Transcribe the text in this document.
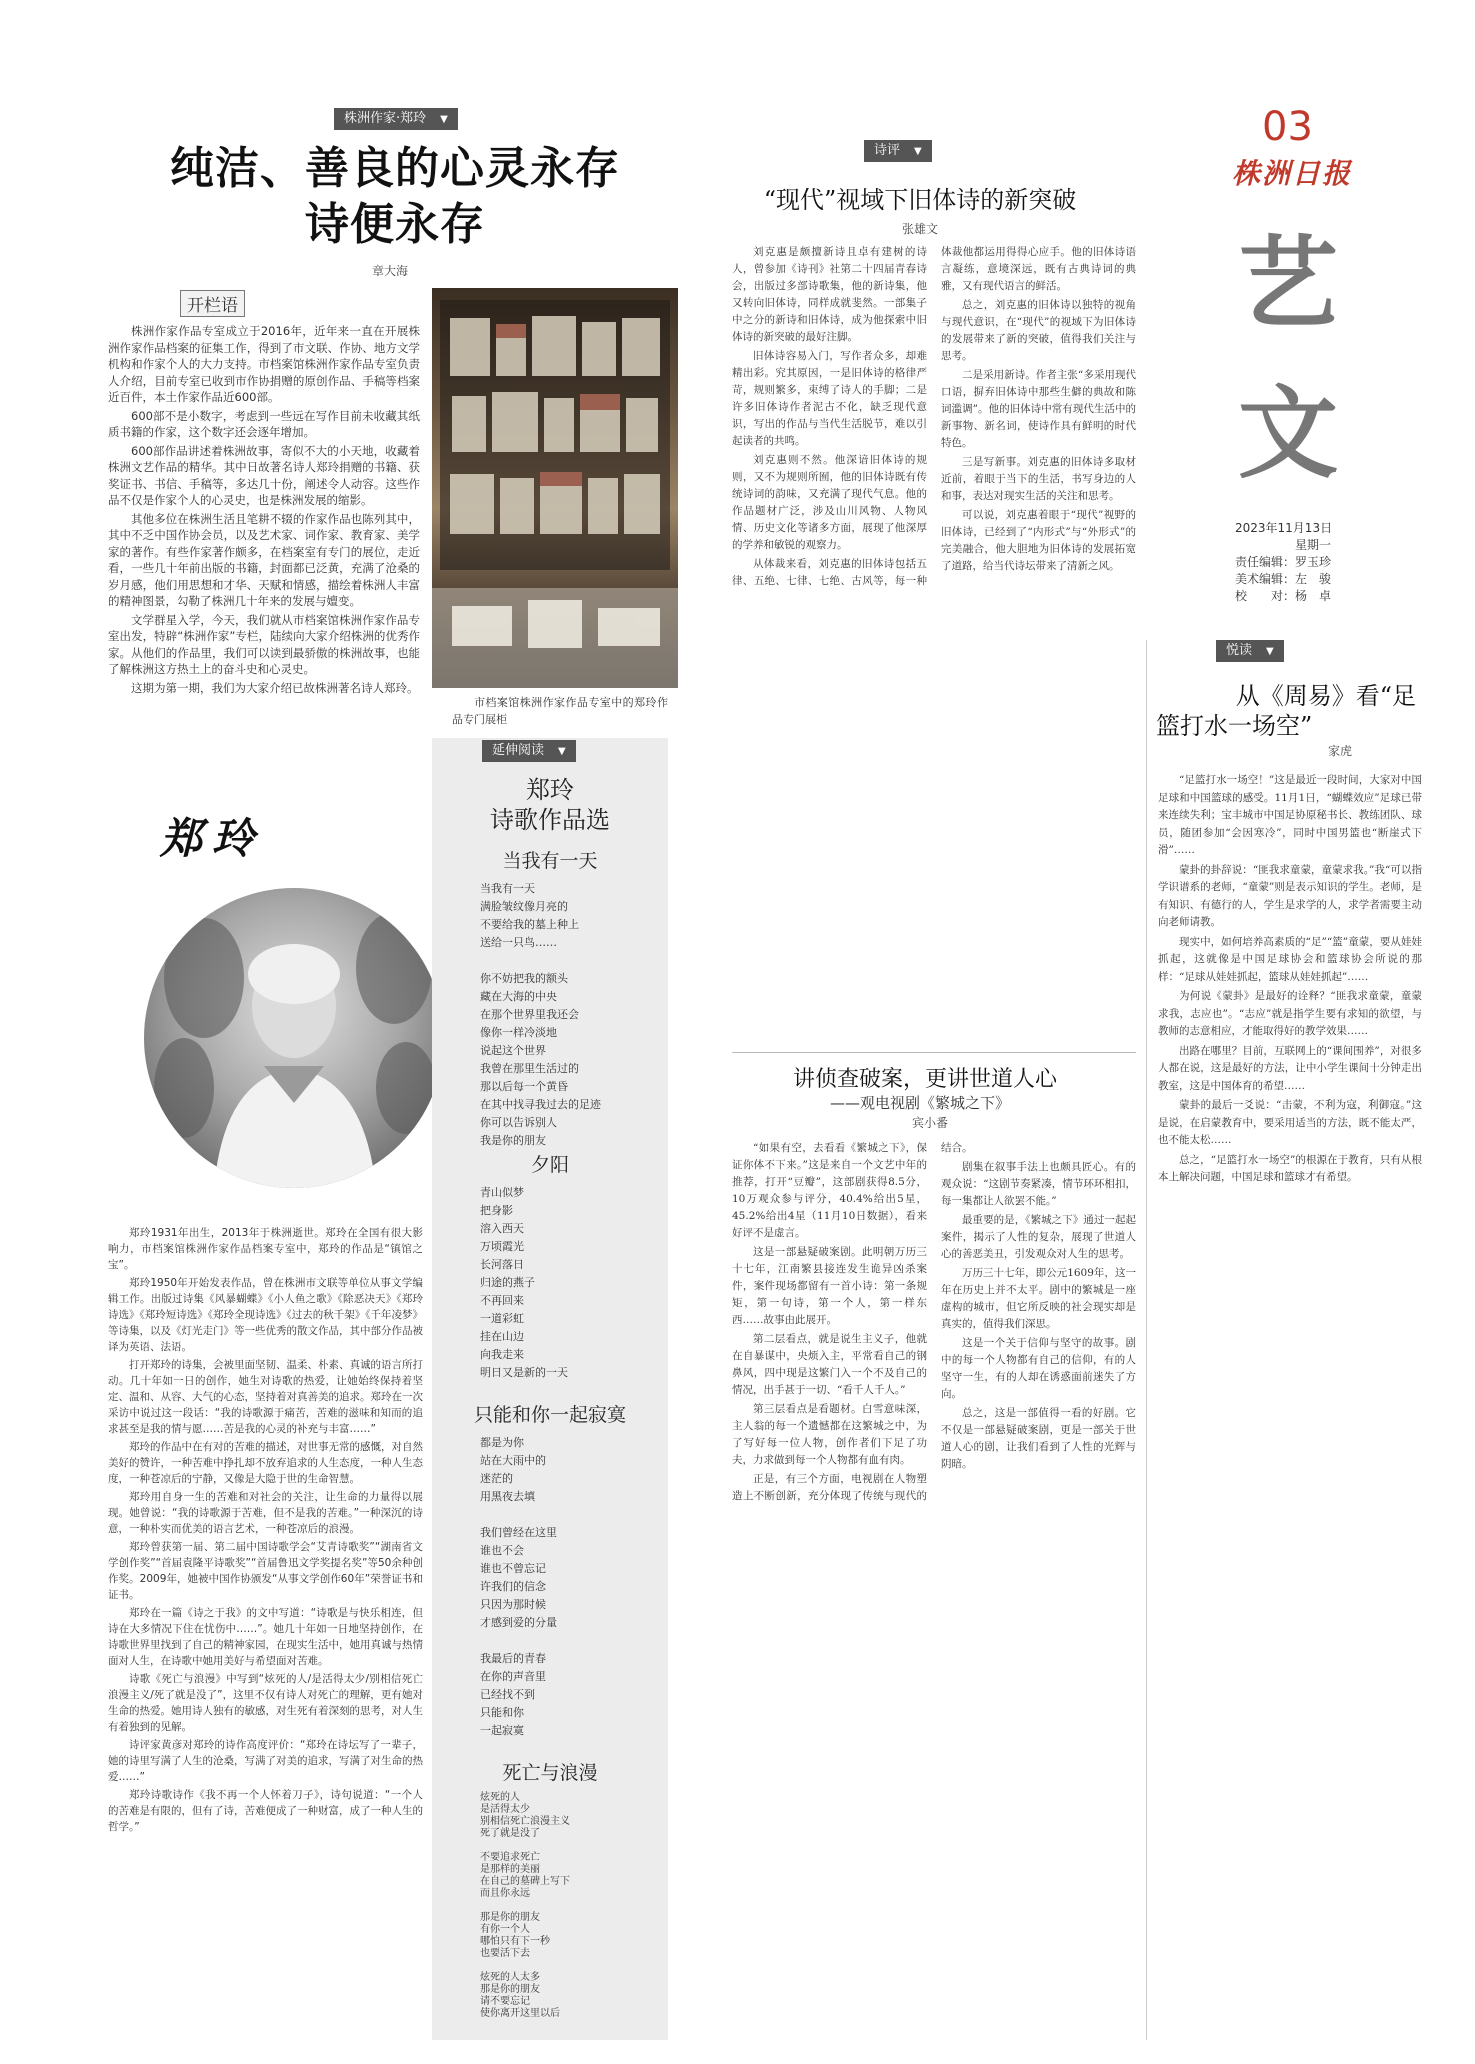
03
株洲日报
艺文
2023年11月13日
星期一
责任编辑：罗玉珍
美术编辑：左　骏
校　　对：杨　卓
株洲作家·郑玲 ▼
纯洁、善良的心灵永存
诗便永存
章大海
开栏语

株洲作家作品专室成立于2016年，近年来一直在开展株洲作家作品档案的征集工作，得到了市文联、作协、地方文学机构和作家个人的大力支持。市档案馆株洲作家作品专室负责人介绍，目前专室已收到市作协捐赠的原创作品、手稿等档案近百件，本土作家作品近600部。

600部不是小数字，考虑到一些远在写作目前未收藏其纸质书籍的作家，这个数字还会逐年增加。

600部作品讲述着株洲故事，寄似不大的小天地，收藏着株洲文艺作品的精华。其中日故著名诗人郑玲捐赠的书籍、获奖证书、书信、手稿等，多达几十份，阐述令人动容。这些作品不仅是作家个人的心灵史，也是株洲发展的缩影。

其他多位在株洲生活且笔耕不辍的作家作品也陈列其中，其中不乏中国作协会员，以及艺术家、词作家、教育家、美学家的著作。有些作家著作颇多，在档案室有专门的展位，走近看，一些几十年前出版的书籍，封面都已泛黄，充满了沧桑的岁月感，他们用思想和才华、天赋和情感，描绘着株洲人丰富的精神图景，勾勒了株洲几十年来的发展与嬗变。

文学群星入学，今天，我们就从市档案馆株洲作家作品专室出发，特辟“株洲作家”专栏，陆续向大家介绍株洲的优秀作家。从他们的作品里，我们可以读到最骄傲的株洲故事，也能了解株洲这方热土上的奋斗史和心灵史。

这期为第一期，我们为大家介绍已故株洲著名诗人郑玲。

市档案馆株洲作家作品专室中的郑玲作品专门展柜
郑玲

郑玲1931年出生，2013年于株洲逝世。郑玲在全国有很大影响力，市档案馆株洲作家作品档案专室中，郑玲的作品是“镇馆之宝”。

郑玲1950年开始发表作品，曾在株洲市文联等单位从事文学编辑工作。出版过诗集《风暴蝴蝶》《小人鱼之歌》《除恶决天》《郑玲诗选》《郑玲短诗选》《郑玲全现诗选》《过去的秋千架》《千年凌梦》等诗集，以及《灯光走门》等一些优秀的散文作品，其中部分作品被译为英语、法语。

打开郑玲的诗集，会被里面坚韧、温柔、朴素、真诚的语言所打动。几十年如一日的创作，她生对诗歌的热爱，让她始终保持着坚定、温和、从容、大气的心态，坚持着对真善美的追求。郑玲在一次采访中说过这一段话：“我的诗歌源于痛苦，苦难的滋味和知而的追求甚至是我的情与愿……苦是我的心灵的补充与丰富……”

郑玲的作品中在有对的苦难的描述，对世事无常的感慨，对自然美好的赞许，一种苦难中挣扎却不放弃追求的人生态度，一种人生态度，一种苍凉后的宁静，又像是大隐于世的生命智慧。

郑玲用自身一生的苦难和对社会的关注，让生命的力量得以展现。她曾说：“我的诗歌源于苦难，但不是我的苦难。”一种深沉的诗意，一种朴实而优美的语言艺术，一种苍凉后的浪漫。

郑玲曾获第一届、第二届中国诗歌学会“艾青诗歌奖”“湖南省文学创作奖”“首届袁隆平诗歌奖”“首届鲁迅文学奖提名奖”等50余种创作奖。2009年，她被中国作协颁发“从事文学创作60年”荣誉证书和证书。

郑玲在一篇《诗之于我》的文中写道：“诗歌是与快乐相连，但诗在大多情况下住在忧伤中……”。她几十年如一日地坚持创作，在诗歌世界里找到了自己的精神家园，在现实生活中，她用真诚与热情面对人生，在诗歌中她用美好与希望面对苦难。

诗歌《死亡与浪漫》中写到“炫死的人/是活得太少/别相信死亡浪漫主义/死了就是没了”，这里不仅有诗人对死亡的理解，更有她对生命的热爱。她用诗人独有的敏感，对生死有着深刻的思考，对人生有着独到的见解。

诗评家黄彦对郑玲的诗作高度评价：“郑玲在诗坛写了一辈子，她的诗里写满了人生的沧桑，写满了对美的追求，写满了对生命的热爱……”

郑玲诗歌诗作《我不再一个人怀着刀子》，诗句说道：“一个人的苦难是有限的，但有了诗，苦难便成了一种财富，成了一种人生的哲学。”

延伸阅读 ▼
郑玲
诗歌作品选
当我有一天
当我有一天
满脸皱纹像月亮的
不要给我的墓上种上
送给一只鸟……

你不妨把我的额头
藏在大海的中央
在那个世界里我还会
像你一样冷淡地
说起这个世界
我曾在那里生活过的
那以后每一个黄昏
在其中找寻我过去的足迹
你可以告诉别人
我是你的朋友
夕阳
青山似梦
把身影
溶入西天
万顷霞光
长河落日
归途的燕子
不再回来
一道彩虹
挂在山边
向我走来
明日又是新的一天
只能和你一起寂寞
都是为你
站在大雨中的
迷茫的
用黑夜去填

我们曾经在这里
谁也不会
谁也不曾忘记
许我们的信念
只因为那时候
才感到爱的分量

我最后的青春
在你的声音里
已经找不到
只能和你
一起寂寞
死亡与浪漫
炫死的人
是活得太少
别相信死亡浪漫主义
死了就是没了

不要追求死亡
是那样的美丽
在自己的墓碑上写下
而且你永远

那是你的朋友
有你一个人
哪怕只有下一秒
也要活下去

炫死的人太多
那是你的朋友
请不要忘记
使你离开这里以后
诗评 ▼
“现代”视域下旧体诗的新突破
张雄文

刘克惠是颇擅新诗且卓有建树的诗人，曾参加《诗刊》社第二十四届青春诗会，出版过多部诗歌集，他的新诗集，他又转向旧体诗，同样成就斐然。一部集子中之分的新诗和旧体诗，成为他探索中旧体诗的新突破的最好注脚。

旧体诗容易入门，写作者众多，却难精出彩。究其原因，一是旧体诗的格律严苛，规则繁多，束缚了诗人的手脚；二是许多旧体诗作者泥古不化，缺乏现代意识，写出的作品与当代生活脱节，难以引起读者的共鸣。

刘克惠则不然。他深谙旧体诗的规则，又不为规则所囿，他的旧体诗既有传统诗词的韵味，又充满了现代气息。他的作品题材广泛，涉及山川风物、人物风情、历史文化等诸多方面，展现了他深厚的学养和敏锐的观察力。

从体裁来看，刘克惠的旧体诗包括五律、五绝、七律、七绝、古风等，每一种体裁他都运用得得心应手。他的旧体诗语言凝练，意境深远，既有古典诗词的典雅，又有现代语言的鲜活。

总之，刘克惠的旧体诗以独特的视角与现代意识，在“现代”的视域下为旧体诗的发展带来了新的突破，值得我们关注与思考。

二是采用新诗。作者主张“多采用现代口语，摒弃旧体诗中那些生僻的典故和陈词滥调”。他的旧体诗中常有现代生活中的新事物、新名词，使诗作具有鲜明的时代特色。

三是写新事。刘克惠的旧体诗多取材近前，着眼于当下的生活，书写身边的人和事，表达对现实生活的关注和思考。

可以说，刘克惠着眼于“现代”视野的旧体诗，已经到了“内形式”与“外形式”的完美融合，他大胆地为旧体诗的发展拓宽了道路，给当代诗坛带来了清新之风。

讲侦查破案，更讲世道人心
——观电视剧《繁城之下》
宾小番

“如果有空，去看看《繁城之下》，保证你体不下来。”这是来自一个文艺中年的推荐，打开“豆瓣”，这部剧获得8.5分，10万观众参与评分，40.4%给出5星，45.2%给出4星（11月10日数据），看来好评不是虚言。

这是一部悬疑破案剧。此明朝万历三十七年，江南繁县接连发生诡异凶杀案件，案件现场都留有一首小诗：第一条规矩，第一句诗，第一个人，第一样东西……故事由此展开。

第二层看点，就是说生主义子，他就在自暴谋中，央烦入主，平常看自己的钢鼻风，四中现是这繁门入一个不及自己的情况，出手甚于一切、“看千人千人。”

第三层看点是看题材。白雪意味深，主人翁的每一个遗憾都在这繁城之中，为了写好每一位人物，创作者们下足了功夫，力求做到每一个人物都有血有肉。

正是，有三个方面，电视剧在人物塑造上不断创新，充分体现了传统与现代的结合。

剧集在叙事手法上也颇具匠心。有的观众说：“这剧节奏紧凑，情节环环相扣，每一集都让人欲罢不能。”

最重要的是，《繁城之下》通过一起起案件，揭示了人性的复杂，展现了世道人心的善恶美丑，引发观众对人生的思考。

万历三十七年，即公元1609年，这一年在历史上并不太平。剧中的繁城是一座虚构的城市，但它所反映的社会现实却是真实的，值得我们深思。

这是一个关于信仰与坚守的故事。剧中的每一个人物都有自己的信仰，有的人坚守一生，有的人却在诱惑面前迷失了方向。

总之，这是一部值得一看的好剧。它不仅是一部悬疑破案剧，更是一部关于世道人心的剧，让我们看到了人性的光辉与阴暗。

悦读 ▼
从《周易》看“足
篮打水一场空”
家虎

“足篮打水一场空！”这是最近一段时间，大家对中国足球和中国篮球的感受。11月1日，“蝴蝶效应”足球已带来连续失利；宝丰城市中国足协原秘书长、教练团队、球员，随团参加“会因寒冷”，同时中国男篮也“断崖式下滑”……

蒙卦的卦辞说：“匪我求童蒙，童蒙求我。”我“可以指学识谱系的老师，“童蒙”则是表示知识的学生。老师，是有知识、有德行的人，学生是求学的人，求学者需要主动向老师请教。

现实中，如何培养高素质的“足”“篮”童蒙，要从娃娃抓起，这就像是中国足球协会和篮球协会所说的那样：“足球从娃娃抓起，篮球从娃娃抓起”……

为何说《蒙卦》是最好的诠释？“匪我求童蒙，童蒙求我，志应也”。“志应”就是指学生要有求知的欲望，与教师的志意相应，才能取得好的教学效果……

出路在哪里？目前，互联网上的“课间围养”，对很多人都在说，这是最好的方法，让中小学生课间十分钟走出教室，这是中国体育的希望……

蒙卦的最后一爻说：“击蒙，不利为寇，利御寇。”这是说，在启蒙教育中，要采用适当的方法，既不能太严，也不能太松……

总之，“足篮打水一场空”的根源在于教育，只有从根本上解决问题，中国足球和篮球才有希望。
